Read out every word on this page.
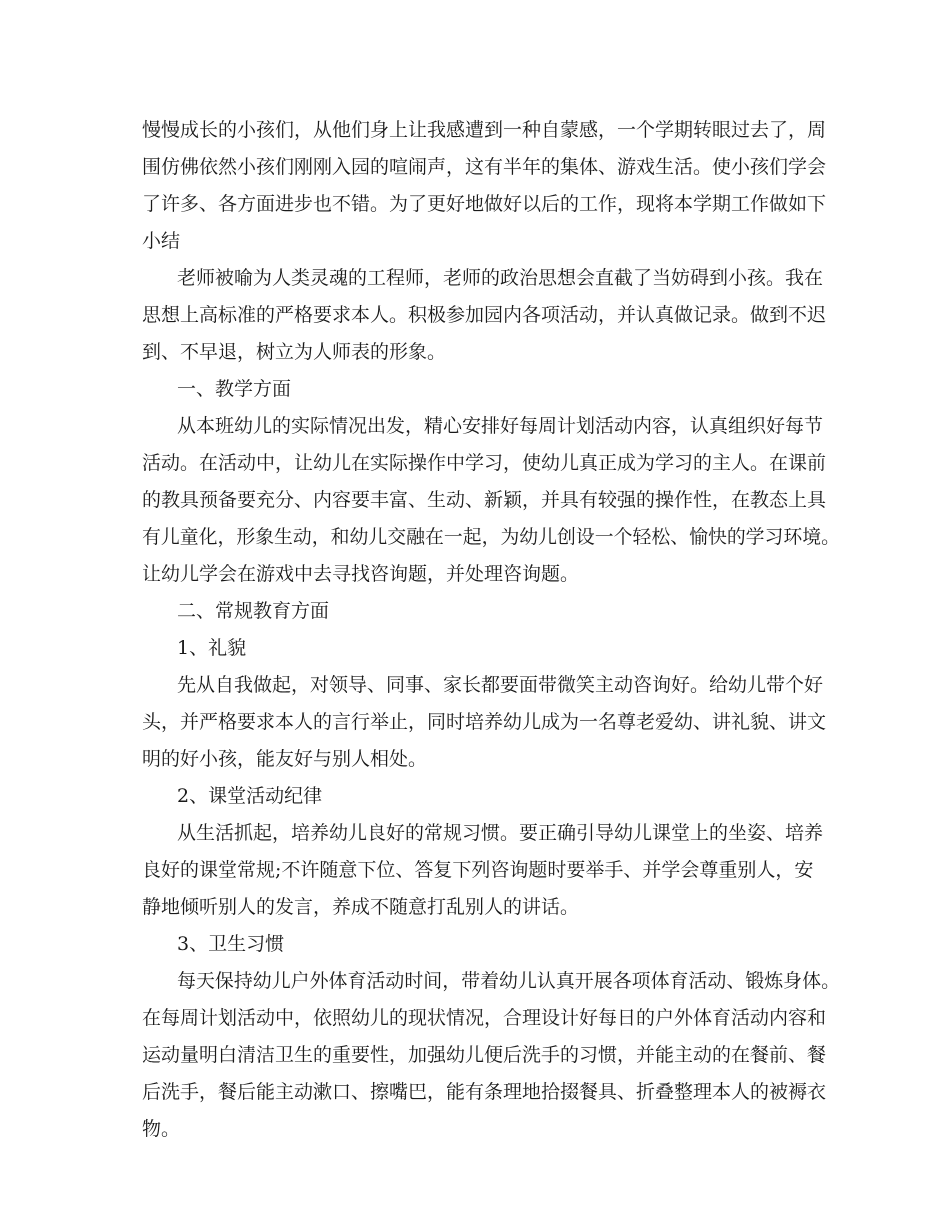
慢慢成长的小孩们，从他们身上让我感遭到一种自蒙感，一个学期转眼过去了，周
围仿佛依然小孩们刚刚入园的喧闹声，这有半年的集体、游戏生活。使小孩们学会
了许多、各方面进步也不错。为了更好地做好以后的工作，现将本学期工作做如下
小结
老师被喻为人类灵魂的工程师，老师的政治思想会直截了当妨碍到小孩。我在
思想上高标准的严格要求本人。积极参加园内各项活动，并认真做记录。做到不迟
到、不早退，树立为人师表的形象。
一、教学方面
从本班幼儿的实际情况出发，精心安排好每周计划活动内容，认真组织好每节
活动。在活动中，让幼儿在实际操作中学习，使幼儿真正成为学习的主人。在课前
的教具预备要充分、内容要丰富、生动、新颖，并具有较强的操作性，在教态上具
有儿童化，形象生动，和幼儿交融在一起，为幼儿创设一个轻松、愉快的学习环境。
让幼儿学会在游戏中去寻找咨询题，并处理咨询题。
二、常规教育方面
1、礼貌
先从自我做起，对领导、同事、家长都要面带微笑主动咨询好。给幼儿带个好
头，并严格要求本人的言行举止，同时培养幼儿成为一名尊老爱幼、讲礼貌、讲文
明的好小孩，能友好与别人相处。
2、课堂活动纪律
从生活抓起，培养幼儿良好的常规习惯。要正确引导幼儿课堂上的坐姿、培养
良好的课堂常规;不许随意下位、答复下列咨询题时要举手、并学会尊重别人，安
静地倾听别人的发言，养成不随意打乱别人的讲话。
3、卫生习惯
每天保持幼儿户外体育活动时间，带着幼儿认真开展各项体育活动、锻炼身体。
在每周计划活动中，依照幼儿的现状情况，合理设计好每日的户外体育活动内容和
运动量明白清洁卫生的重要性，加强幼儿便后洗手的习惯，并能主动的在餐前、餐
后洗手，餐后能主动漱口、擦嘴巴，能有条理地拾掇餐具、折叠整理本人的被褥衣
物。
